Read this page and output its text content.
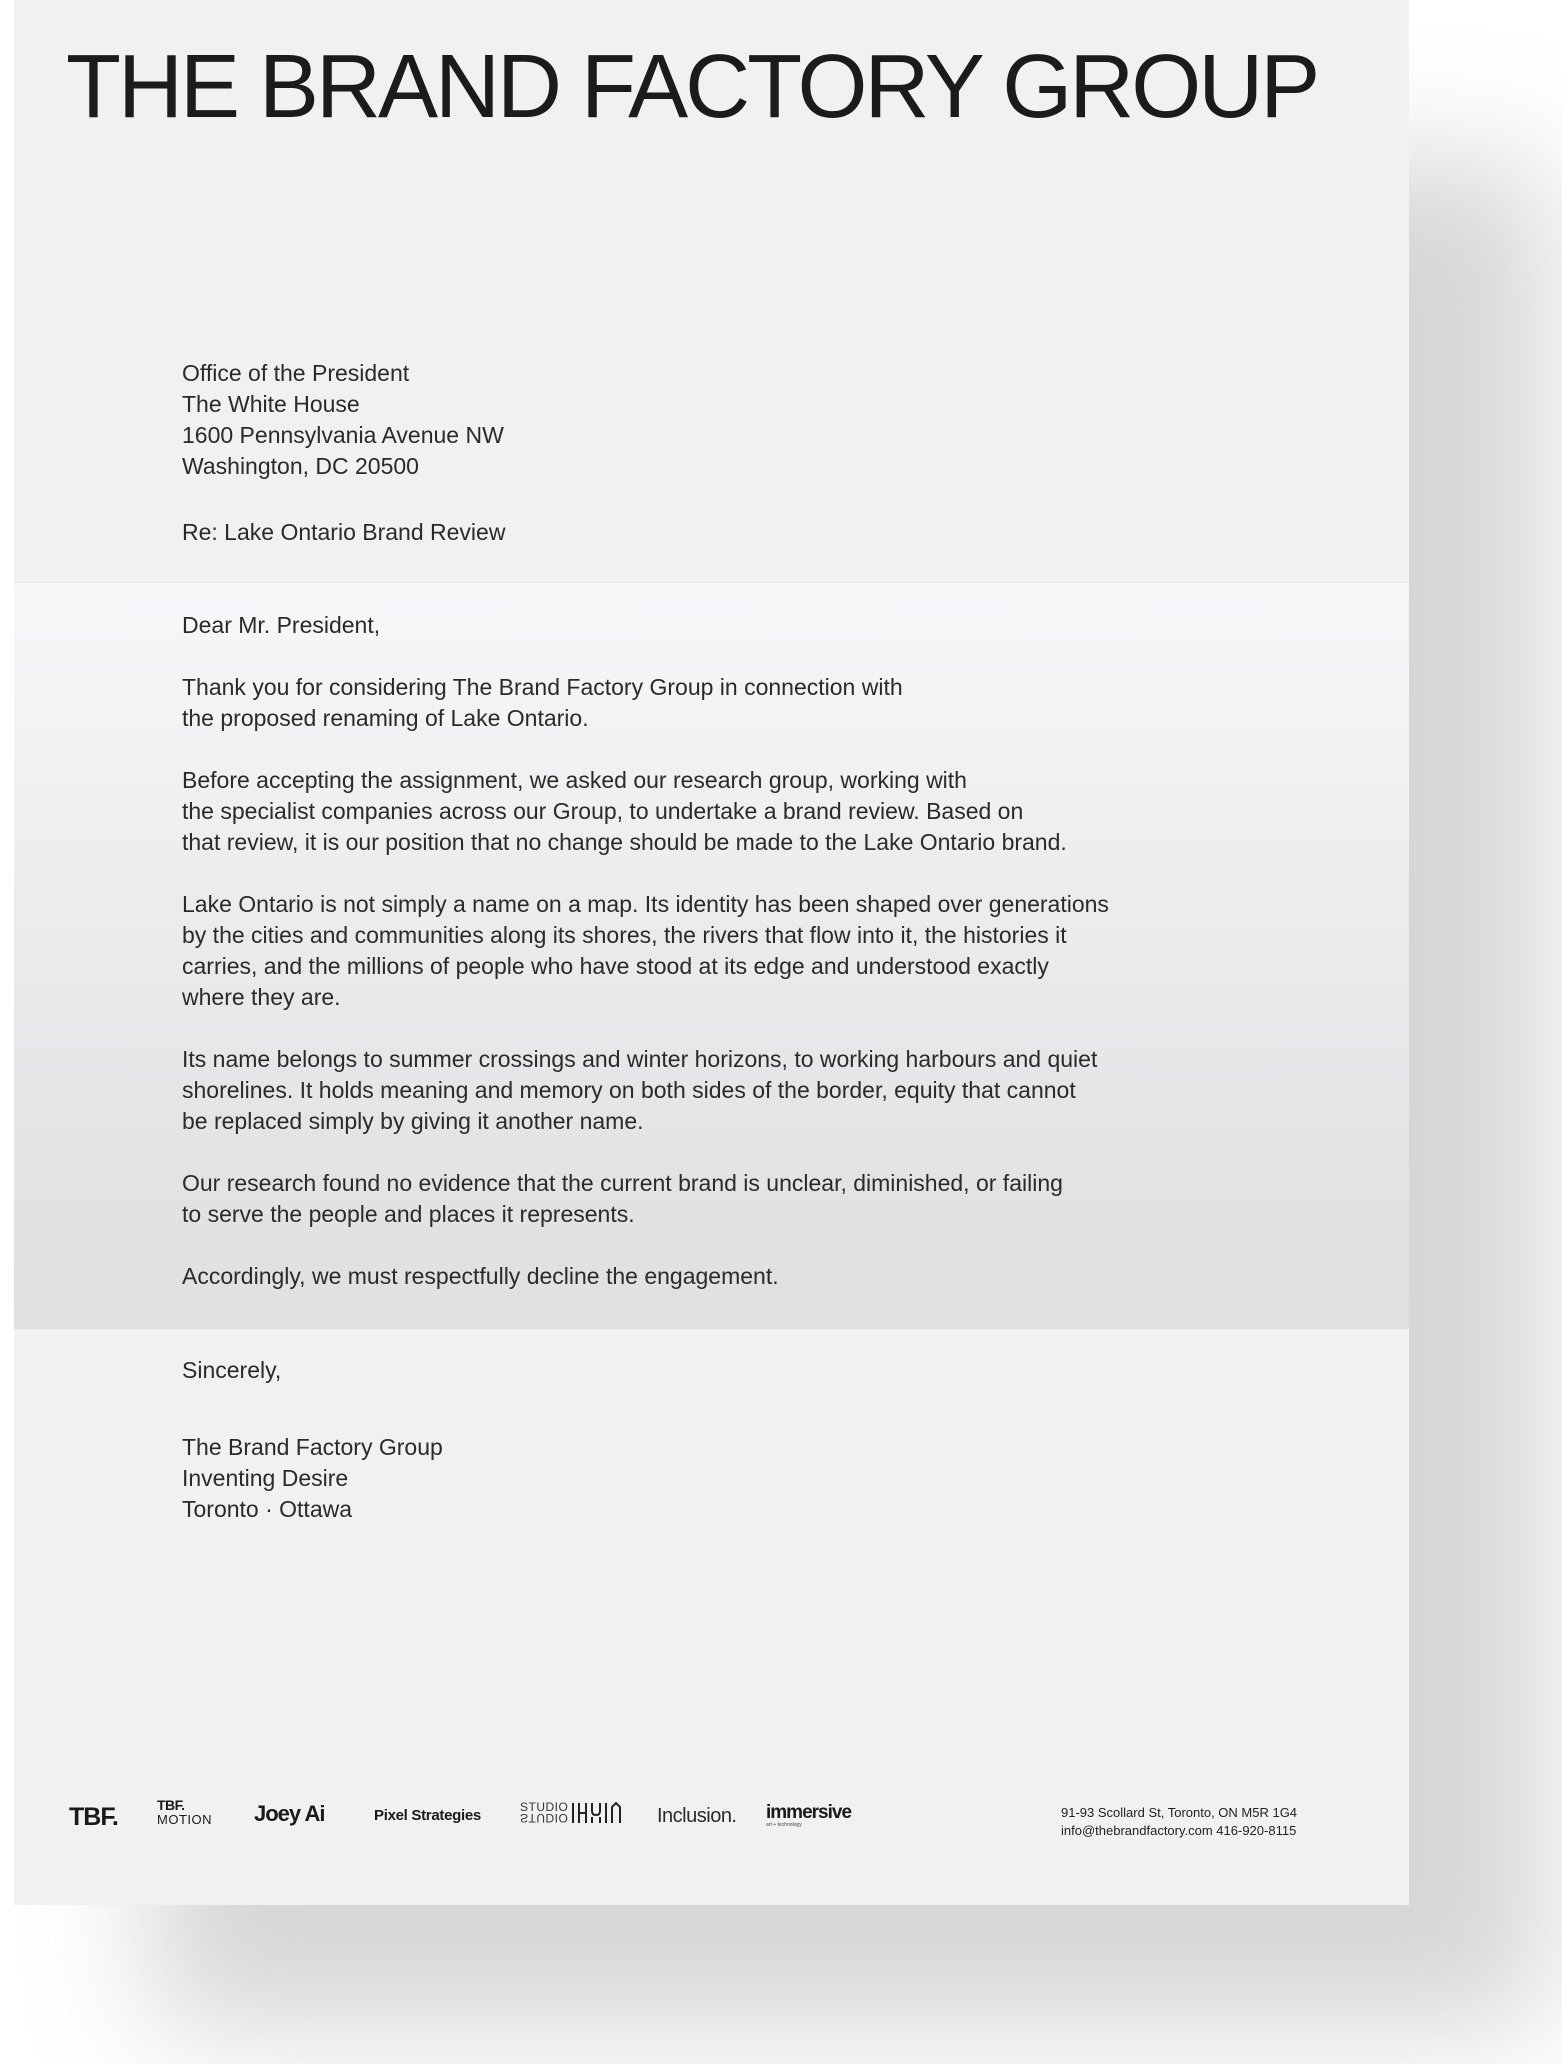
THE BRAND FACTORY GROUP
Office of the President
The White House
1600 Pennsylvania Avenue NW
Washington, DC 20500
Re: Lake Ontario Brand Review

Dear Mr. President,

Thank you for considering The Brand Factory Group in connection with
the proposed renaming of Lake Ontario.

Before accepting the assignment, we asked our research group, working with
the specialist companies across our Group, to undertake a brand review. Based on
that review, it is our position that no change should be made to the Lake Ontario brand.

Lake Ontario is not simply a name on a map. Its identity has been shaped over generations
by the cities and communities along its shores, the rivers that flow into it, the histories it
carries, and the millions of people who have stood at its edge and understood exactly
where they are.

Its name belongs to summer crossings and winter horizons, to working harbours and quiet
shorelines. It holds meaning and memory on both sides of the border, equity that cannot
be replaced simply by giving it another name.

Our research found no evidence that the current brand is unclear, diminished, or failing
to serve the people and places it represents.

Accordingly, we must respectfully decline the engagement.

Sincerely,
The Brand Factory Group
Inventing Desire
Toronto · Ottawa
TBF.	TBF.
MOTION Joey Ai	Pixel Strategies	STUDIO
STUDIO	Inclusion. immersive
art + technology
91-93 Scollard St, Toronto, ON M5R 1G4
info@thebrandfactory.com 416-920-8115
